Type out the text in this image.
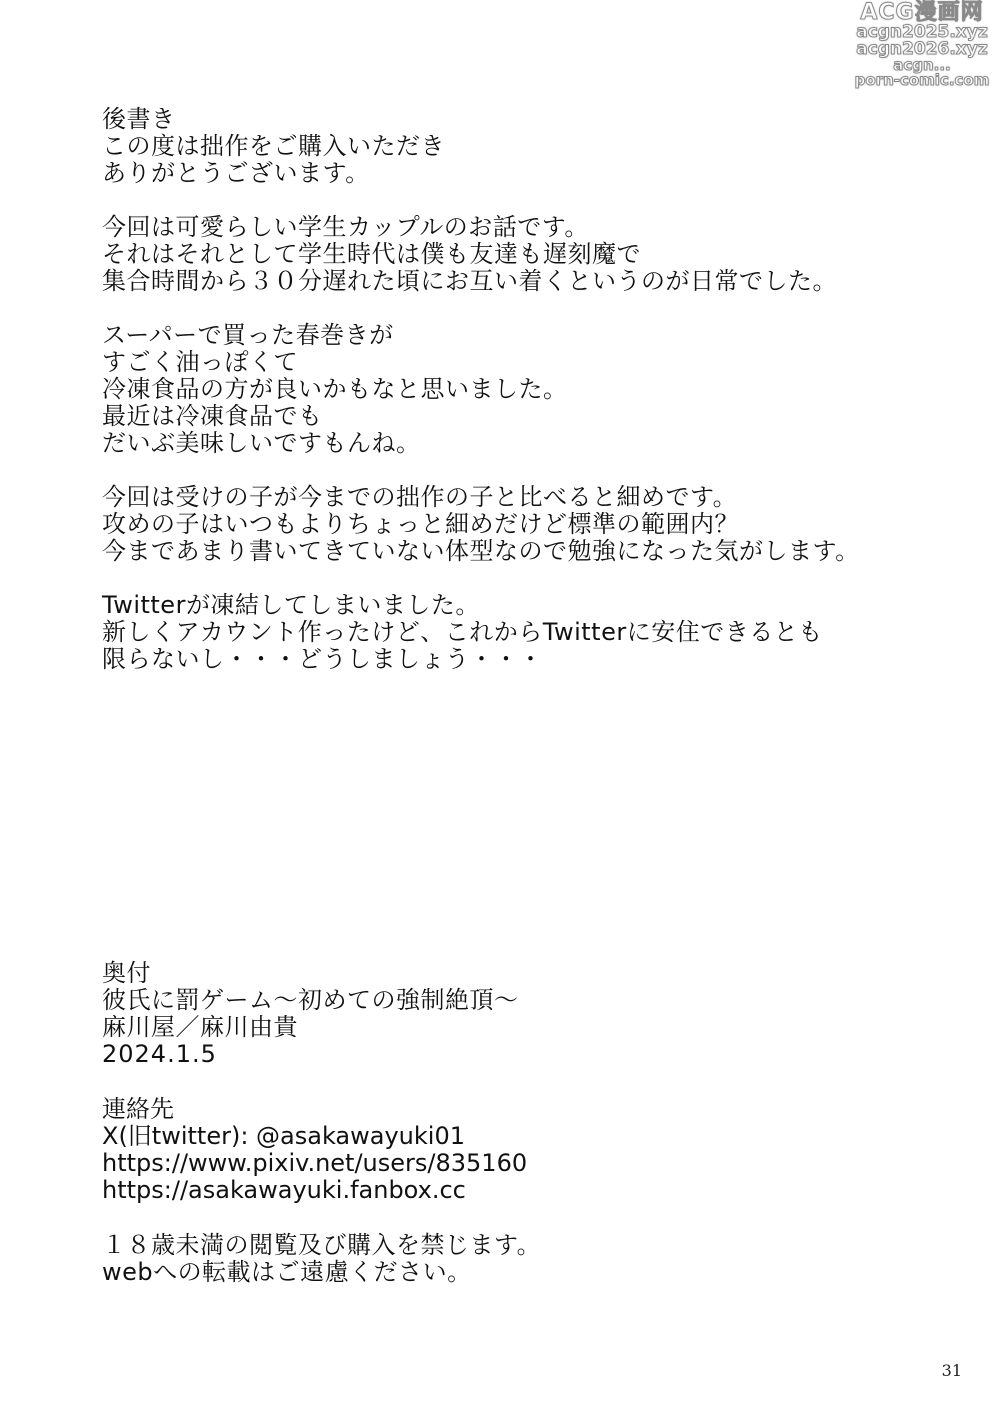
ACG漫画网
acgn2025.xyz
acgn2026.xyz
acgn...
porn-comic.com
後書き
この度は拙作をご購入いただき
ありがとうございます。
今回は可愛らしい学生カップルのお話です。
それはそれとして学生時代は僕も友達も遅刻魔で
集合時間から３０分遅れた頃にお互い着くというのが日常でした。
スーパーで買った春巻きが
すごく油っぽくて
冷凍食品の方が良いかもなと思いました。
最近は冷凍食品でも
だいぶ美味しいですもんね。
今回は受けの子が今までの拙作の子と比べると細めです。
攻めの子はいつもよりちょっと細めだけど標準の範囲内？
今まであまり書いてきていない体型なので勉強になった気がします。
Twitterが凍結してしまいました。
新しくアカウント作ったけど、これからTwitterに安住できるとも
限らないし・・・どうしましょう・・・
奥付
彼氏に罰ゲーム～初めての強制絶頂～
麻川屋／麻川由貴
2024.1.5
連絡先
X(旧twitter): @asakawayuki01
https://www.pixiv.net/users/835160
https://asakawayuki.fanbox.cc
１８歳未満の閲覧及び購入を禁じます。
webへの転載はご遠慮ください。
31
